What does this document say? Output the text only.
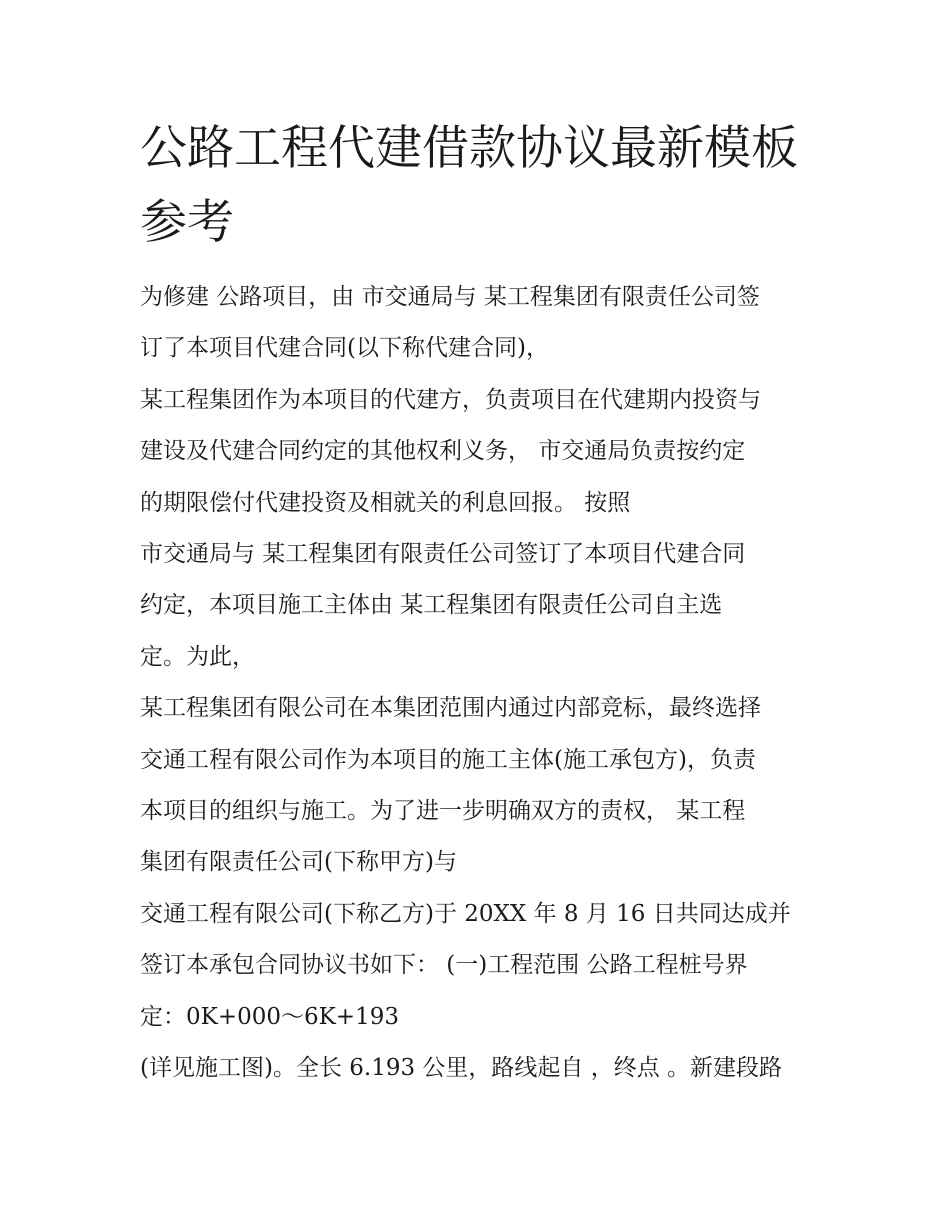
公路工程代建借款协议最新模板参考

为修建 公路项目，由 市交通局与 某工程集团有限责任公司签

订了本项目代建合同(以下称代建合同)，

某工程集团作为本项目的代建方，负责项目在代建期内投资与

建设及代建合同约定的其他权利义务， 市交通局负责按约定

的期限偿付代建投资及相就关的利息回报。 按照

市交通局与 某工程集团有限责任公司签订了本项目代建合同

约定，本项目施工主体由 某工程集团有限责任公司自主选

定。为此，

某工程集团有限公司在本集团范围内通过内部竞标，最终选择

交通工程有限公司作为本项目的施工主体(施工承包方)，负责

本项目的组织与施工。为了进一步明确双方的责权， 某工程

集团有限责任公司(下称甲方)与

交通工程有限公司(下称乙方)于 20XX 年 8 月 16 日共同达成并

签订本承包合同协议书如下： (一)工程范围 公路工程桩号界

定：0K+000～6K+193

(详见施工图)。全长 6.193 公里，路线起自 ，终点 。新建段路
